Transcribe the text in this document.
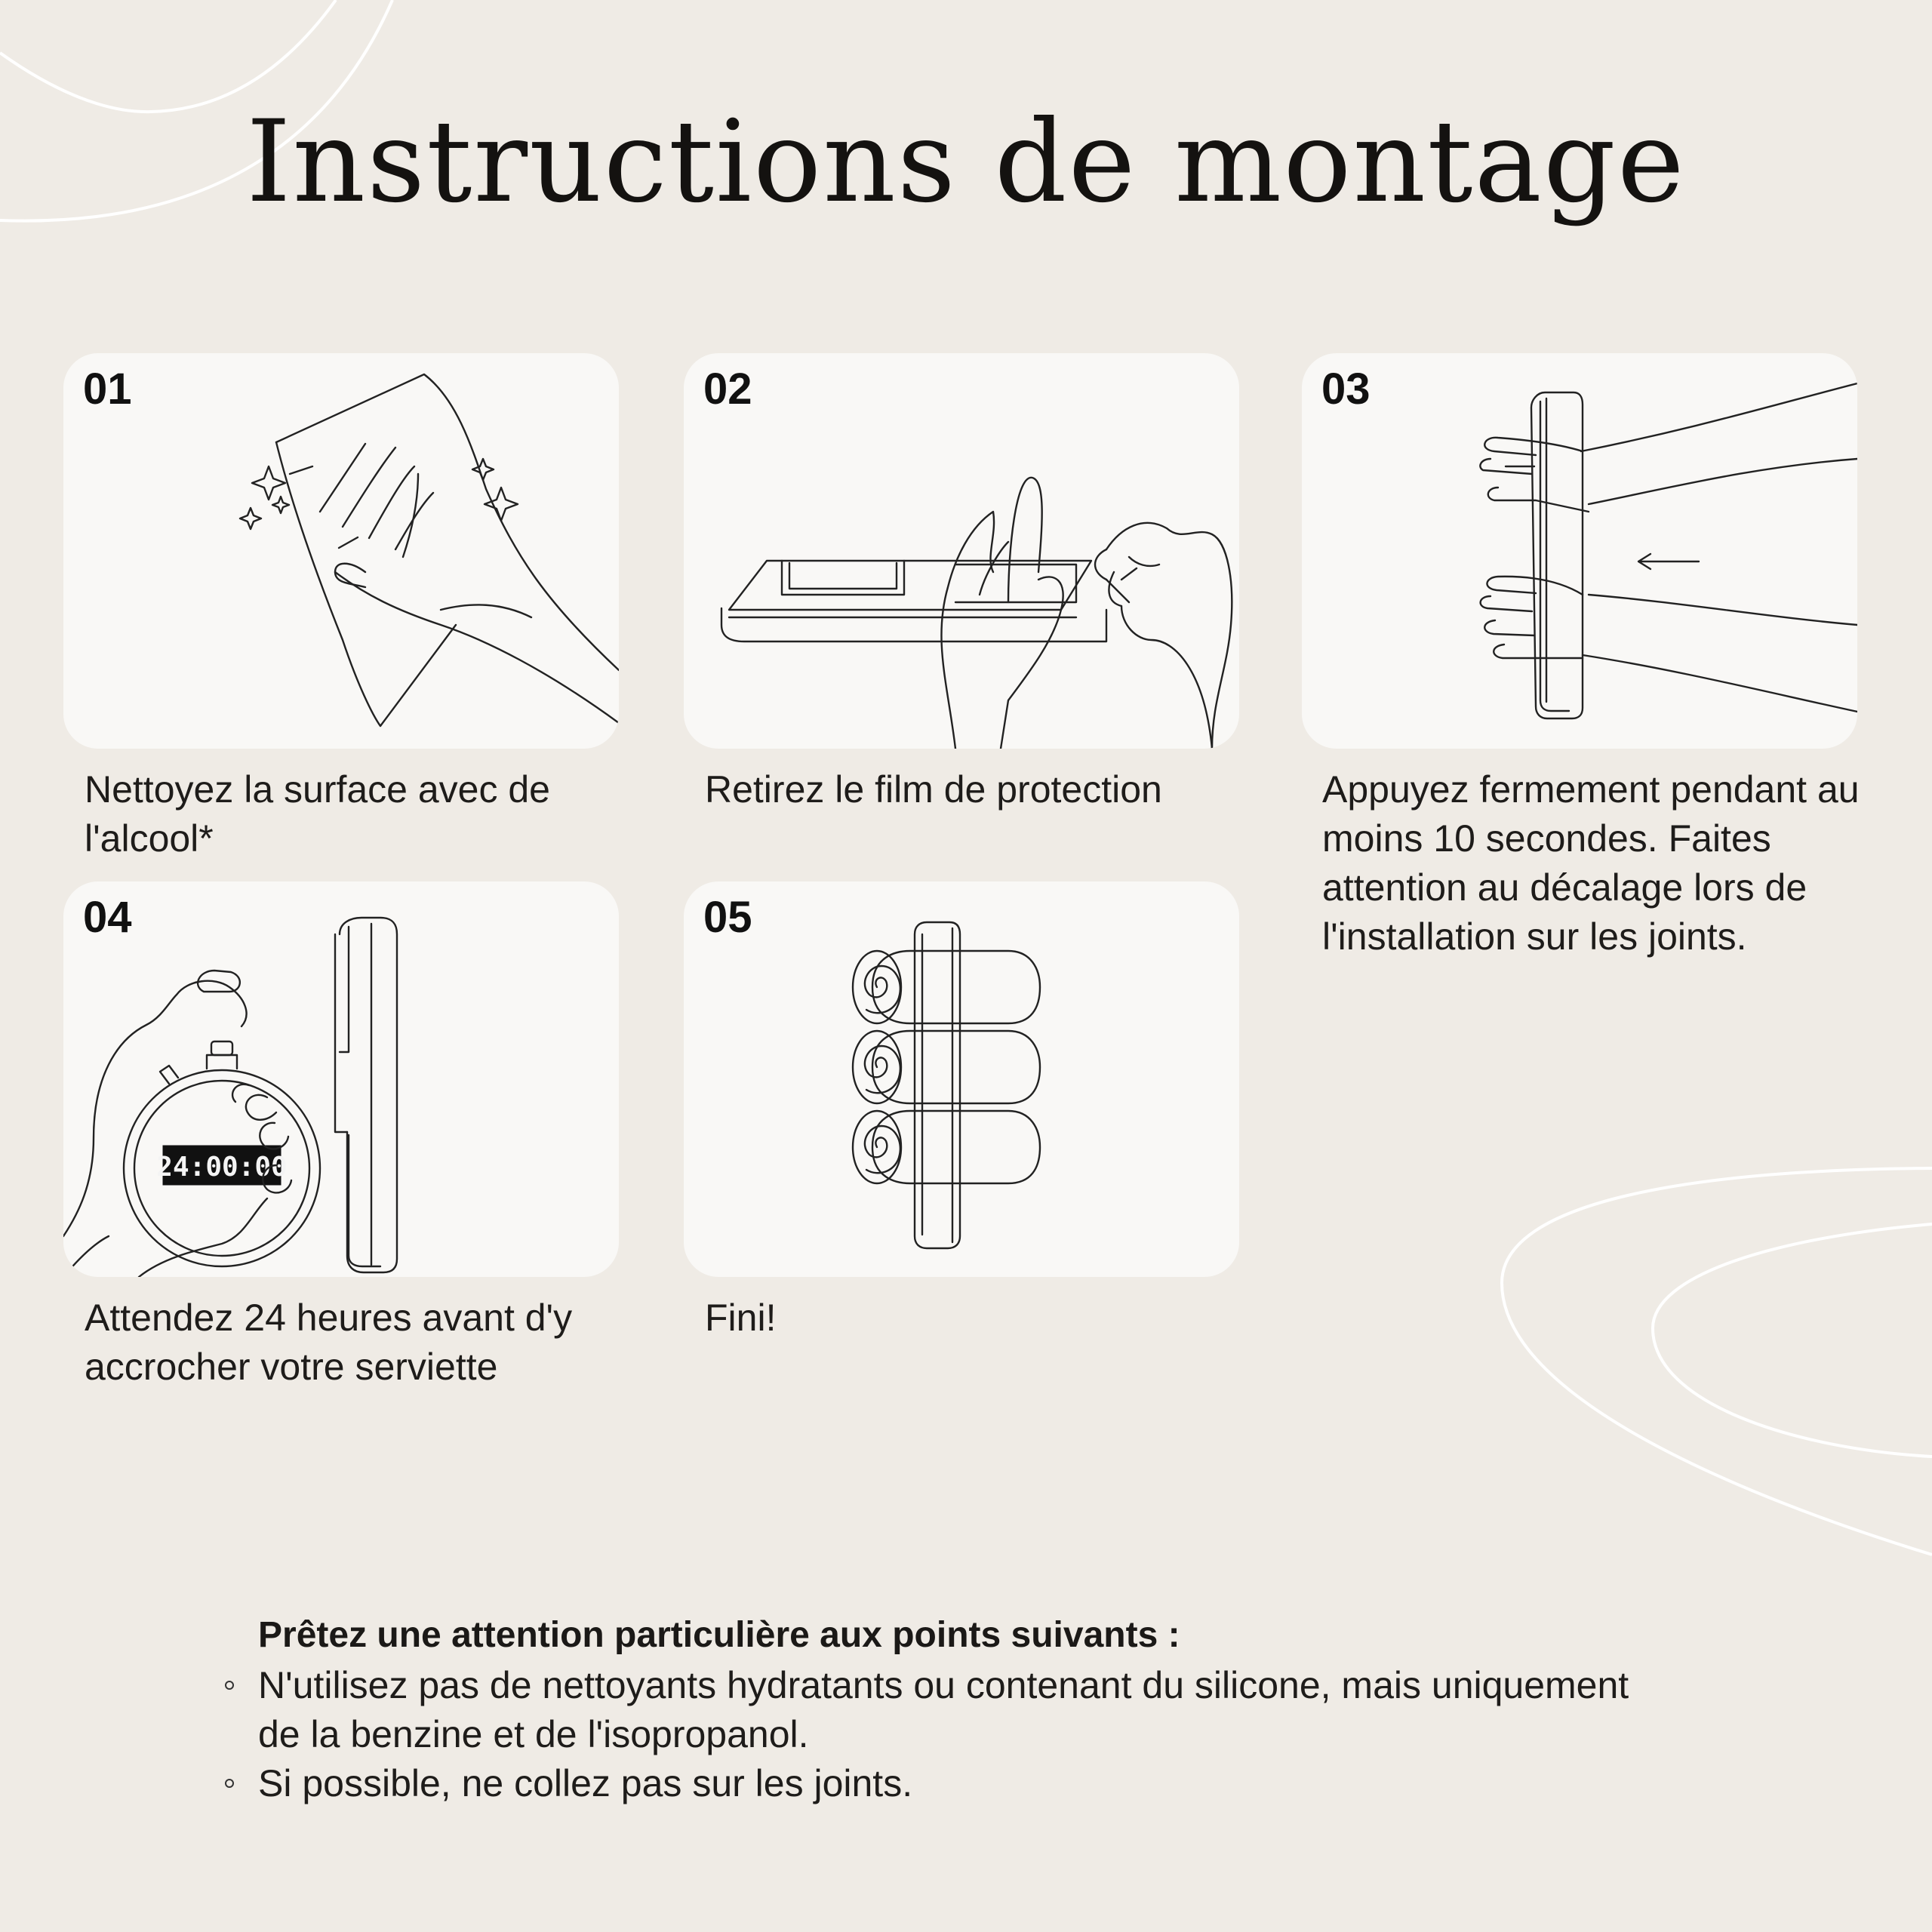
Instructions de montage
01

Nettoyez la surface avec de l'alcool*

02

Retirez le film de protection

03

Appuyez fermement pendant au moins 10 secondes. Faites attention au décalage lors de l'installation sur les joints.

24:00:00
04

Attendez 24 heures avant d'y accrocher votre serviette

05

Fini!

Prêtez une attention particulière aux points suivants :
N'utilisez pas de nettoyants hydratants ou contenant du silicone, mais uniquement de la benzine et de l'isopropanol.
Si possible, ne collez pas sur les joints.
